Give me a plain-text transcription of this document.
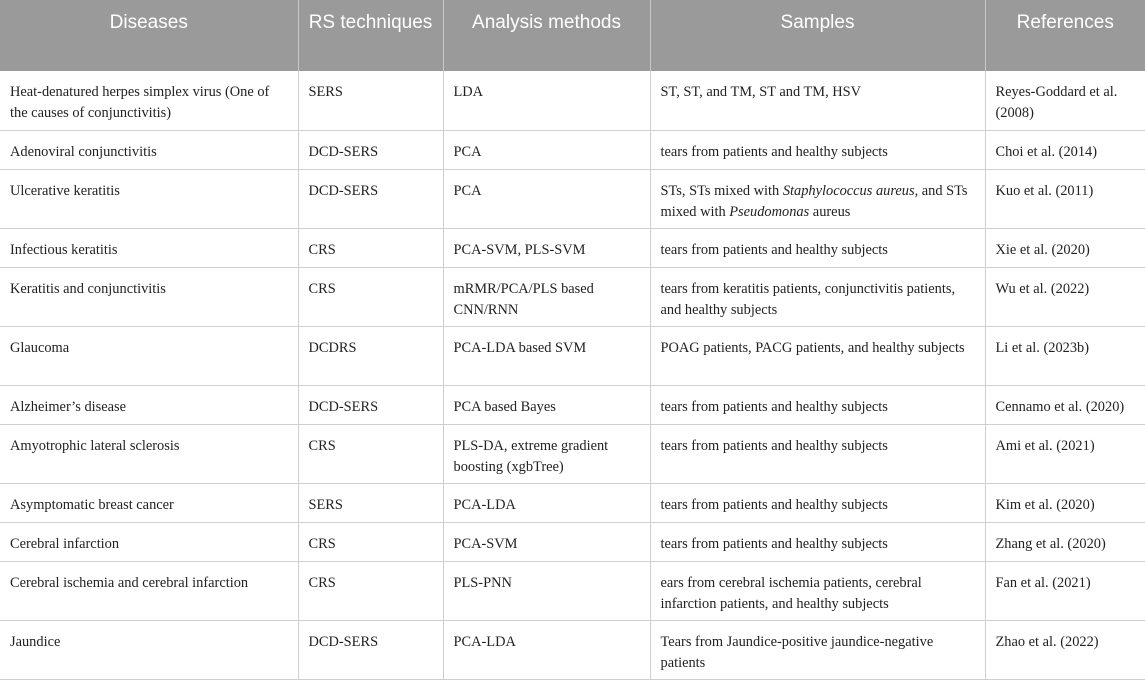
Diseases	RS techniques	Analysis methods	Samples	References
Heat-denatured herpes simplex virus (One of the causes of conjunctivitis)	SERS	LDA	ST, ST, and TM, ST and TM, HSV	Reyes-Goddard et al. (2008)
Adenoviral conjunctivitis	DCD-SERS	PCA	tears from patients and healthy subjects	Choi et al. (2014)
Ulcerative keratitis	DCD-SERS	PCA	STs, STs mixed with Staphylococcus aureus, and STs mixed with Pseudomonas aureus	Kuo et al. (2011)
Infectious keratitis	CRS	PCA-SVM, PLS-SVM	tears from patients and healthy subjects	Xie et al. (2020)
Keratitis and conjunctivitis	CRS	mRMR/PCA/PLS based CNN/RNN	tears from keratitis patients, conjunctivitis patients, and healthy subjects	Wu et al. (2022)
Glaucoma	DCDRS	PCA-LDA based SVM	POAG patients, PACG patients, and healthy subjects	Li et al. (2023b)
Alzheimer’s disease	DCD-SERS	PCA based Bayes	tears from patients and healthy subjects	Cennamo et al. (2020)
Amyotrophic lateral sclerosis	CRS	PLS-DA, extreme gradient boosting (xgbTree)	tears from patients and healthy subjects	Ami et al. (2021)
Asymptomatic breast cancer	SERS	PCA-LDA	tears from patients and healthy subjects	Kim et al. (2020)
Cerebral infarction	CRS	PCA-SVM	tears from patients and healthy subjects	Zhang et al. (2020)
Cerebral ischemia and cerebral infarction	CRS	PLS-PNN	ears from cerebral ischemia patients, cerebral infarction patients, and healthy subjects	Fan et al. (2021)
Jaundice	DCD-SERS	PCA-LDA	Tears from Jaundice-positive jaundice-negative patients	Zhao et al. (2022)
